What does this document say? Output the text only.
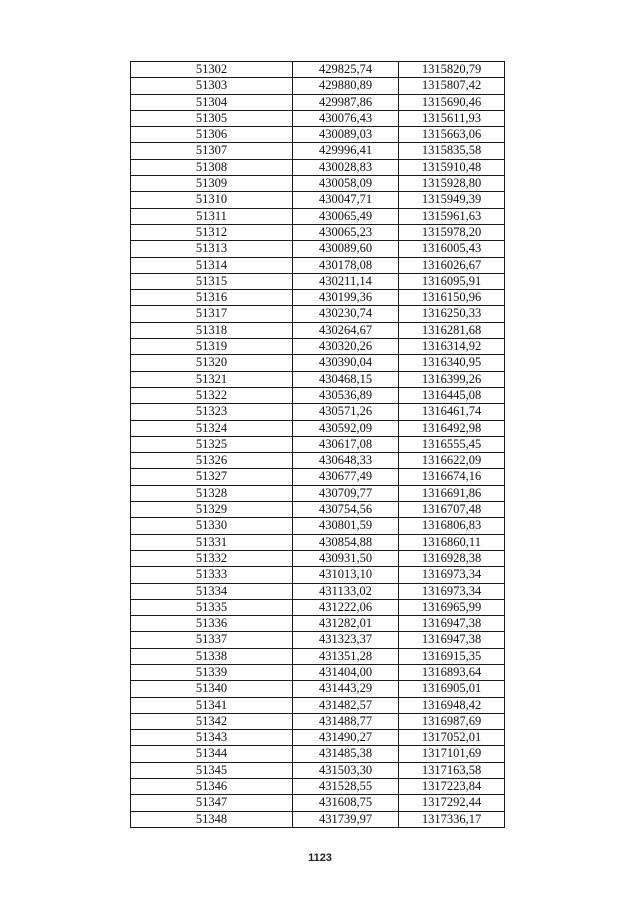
51302	429825,74	1315820,79
51303	429880,89	1315807,42
51304	429987,86	1315690,46
51305	430076,43	1315611,93
51306	430089,03	1315663,06
51307	429996,41	1315835,58
51308	430028,83	1315910,48
51309	430058,09	1315928,80
51310	430047,71	1315949,39
51311	430065,49	1315961,63
51312	430065,23	1315978,20
51313	430089,60	1316005,43
51314	430178,08	1316026,67
51315	430211,14	1316095,91
51316	430199,36	1316150,96
51317	430230,74	1316250,33
51318	430264,67	1316281,68
51319	430320,26	1316314,92
51320	430390,04	1316340,95
51321	430468,15	1316399,26
51322	430536,89	1316445,08
51323	430571,26	1316461,74
51324	430592,09	1316492,98
51325	430617,08	1316555,45
51326	430648,33	1316622,09
51327	430677,49	1316674,16
51328	430709,77	1316691,86
51329	430754,56	1316707,48
51330	430801,59	1316806,83
51331	430854,88	1316860,11
51332	430931,50	1316928,38
51333	431013,10	1316973,34
51334	431133,02	1316973,34
51335	431222,06	1316965,99
51336	431282,01	1316947,38
51337	431323,37	1316947,38
51338	431351,28	1316915,35
51339	431404,00	1316893,64
51340	431443,29	1316905,01
51341	431482,57	1316948,42
51342	431488,77	1316987,69
51343	431490,27	1317052,01
51344	431485,38	1317101,69
51345	431503,30	1317163,58
51346	431528,55	1317223,84
51347	431608,75	1317292,44
51348	431739,97	1317336,17
1123
